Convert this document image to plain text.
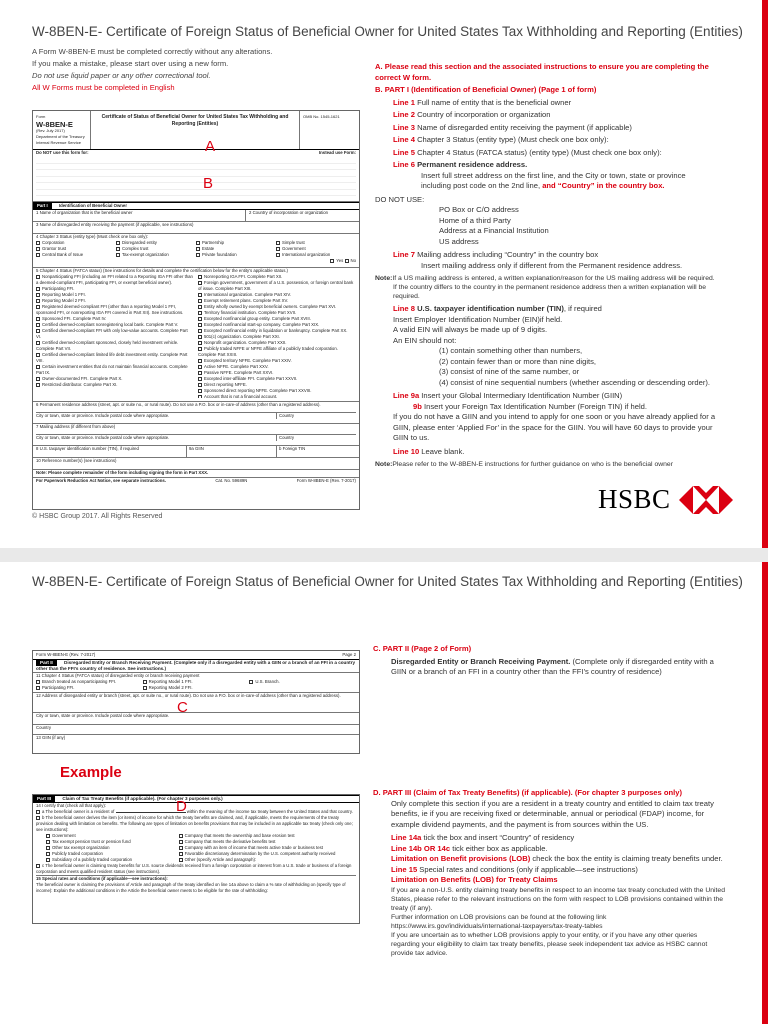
W-8BEN-E- Certificate of Foreign Status of Beneficial Owner for United States Tax Withholding and Reporting (Entities)
A Form W-8BEN-E must be completed correctly without any alterations.
If you make a mistake, please start over using a new form.
Do not use liquid paper or any other correctional tool.
All W Forms must be completed in English
Form
W-8BEN-E
(Rev. July 2017)
Department of the Treasury Internal Revenue Service
Certificate of Status of Beneficial Owner for United States Tax Withholding and Reporting (Entities)
OMB No. 1545-1621
Do NOT use this form for:	Instead use Form:
Part I	Identification of Beneficial Owner
1 Name of organization that is the beneficial owner	2 Country of incorporation or organization
3 Name of disregarded entity receiving the payment (if applicable, see instructions)
4 Chapter 3 Status (entity type) (Must check one box only):
Corporation	Disregarded entity	Partnership	Simple trust
Grantor trust	Complex trust	Estate	Government
Central Bank of Issue	Tax-exempt organization	Private foundation	International organization
Yes No
5 Chapter 4 Status (FATCA status) (See instructions for details and complete the certification below for the entity's applicable status.)
Nonparticipating FFI (including an FFI related to a Reporting IGA FFI other than a deemed-compliant FFI, participating FFI, or exempt beneficial owner).
Participating FFI.
Reporting Model 1 FFI.
Reporting Model 2 FFI.
Registered deemed-compliant FFI (other than a reporting Model 1 FFI, sponsored FFI, or nonreporting IGA FFI covered in Part XII). See instructions.
Sponsored FFI. Complete Part IV.
Certified deemed-compliant nonregistering local bank. Complete Part V.
Certified deemed-compliant FFI with only low-value accounts. Complete Part VI.
Certified deemed-compliant sponsored, closely held investment vehicle. Complete Part VII.
Certified deemed-compliant limited life debt investment entity. Complete Part VIII.
Certain investment entities that do not maintain financial accounts. Complete Part IX.
Owner-documented FFI. Complete Part X.
Restricted distributor. Complete Part XI.
Nonreporting IGA FFI. Complete Part XII.
Foreign government, government of a U.S. possession, or foreign central bank of issue. Complete Part XIII.
International organization. Complete Part XIV.
Exempt retirement plans. Complete Part XV.
Entity wholly owned by exempt beneficial owners. Complete Part XVI.
Territory financial institution. Complete Part XVII.
Excepted nonfinancial group entity. Complete Part XVIII.
Excepted nonfinancial start-up company. Complete Part XIX.
Excepted nonfinancial entity in liquidation or bankruptcy. Complete Part XX.
501(c) organization. Complete Part XXI.
Nonprofit organization. Complete Part XXII.
Publicly traded NFFE or NFFE affiliate of a publicly traded corporation. Complete Part XXIII.
Excepted territory NFFE. Complete Part XXIV.
Active NFFE. Complete Part XXV.
Passive NFFE. Complete Part XXVI.
Excepted inter-affiliate FFI. Complete Part XXVII.
Direct reporting NFFE.
Sponsored direct reporting NFFE. Complete Part XXVIII.
Account that is not a financial account.
6 Permanent residence address (street, apt. or suite no., or rural route). Do not use a P.O. box or in-care-of address (other than a registered address).
City or town, state or province. Include postal code where appropriate.	Country
7 Mailing address (if different from above)
City or town, state or province. Include postal code where appropriate.	Country
8 U.S. taxpayer identification number (TIN), if required	9a GIIN	b Foreign TIN
10 Reference number(s) (see instructions)
Note: Please complete remainder of the form including signing the form in Part XXX.
For Paperwork Reduction Act Notice, see separate instructions.	Cat. No. 59689N	Form W-8BEN-E (Rev. 7-2017)
A
B

A. Please read this section and the associated instructions to ensure you are completing the correct W form.

B. PART I (Identification of Beneficial Owner) (Page 1 of form)

Line 1 Full name of entity that is the beneficial owner

Line 2 Country of incorporation or organization

Line 3 Name of disregarded entity receiving the payment (if applicable)

Line 4 Chapter 3 Status (entity type) (Must check one box only):

Line 5 Chapter 4 Status (FATCA status) (entity type) (Must check one box only):

Line 6 Permanent residence address.

Insert full street address on the first line, and the City or town, state or province

including post code on the 2nd line, and “Country” in the country box.

DO NOT USE:

PO Box or C/O address

Home of a third Party

Address at a Financial Institution

US address

Line 7 Mailing address including “Country” in the country box

Insert mailing address only if different from the Permanent residence address.

Note:If a US mailing address is entered, a written explanation/reason for the US mailing address will be required.

If the country differs to the country in the permanent residence address then a written explanation will be required.

Line 8 U.S. taxpayer identification number (TIN), if required

Insert Employer Identification Number (EIN)if held.

A valid EIN will always be made up of 9 digits.

An EIN should not:

(1) contain something other than numbers,

(2) contain fewer than or more than nine digits,

(3) consist of nine of the same number, or

(4) consist of nine sequential numbers (whether ascending or descending order).

Line 9a Insert your Global Intermediary Identification Number (GIIN)

9b Insert your Foreign Tax Identification Number (Foreign TIN) if held.

If you do not have a GIIN and you intend to apply for one soon or you have already applied for a GIIN, please enter ‘Applied For’ in the space for the GIIN. You will have 60 days to provide your GIIN to us.

Line 10 Leave blank.

Note:Please refer to the W-8BEN-E instructions for further guidance on who is the beneficial owner

HSBC
© HSBC Group 2017. All Rights Reserved
W-8BEN-E- Certificate of Foreign Status of Beneficial Owner for United States Tax Withholding and Reporting (Entities)
Form W-8BEN-E (Rev. 7-2017)	Page 2
Part II Disregarded Entity or Branch Receiving Payment. (Complete only if a disregarded entity with a GIIN or a branch of an FFI in a country other than the FFI's country of residence. See instructions.)
11 Chapter 4 Status (FATCA status) of disregarded entity or branch receiving payment
Branch treated as nonparticipating FFI.	Reporting Model 1 FFI.	U.S. Branch.
Participating FFI.	Reporting Model 2 FFI.
12 Address of disregarded entity or branch (street, apt. or suite no., or rural route). Do not use a P.O. box or in-care-of address (other than a registered address).
City or town, state or province. Include postal code where appropriate.
Country
13 GIIN (if any)
C
Example
Part III Claim of Tax Treaty Benefits (if applicable). (For chapter 3 purposes only.)
14 I certify that (check all that apply):
a The beneficial owner is a resident of	within the meaning of the income tax treaty between the United States and that country.
b The beneficial owner derives the item (or items) of income for which the treaty benefits are claimed, and, if applicable, meets the requirements of the treaty provision dealing with limitation on benefits. The following are types of limitation on benefits provisions that may be included in an applicable tax treaty (check only one; see instructions):
Government
Tax exempt pension trust or pension fund
Other tax exempt organization
Publicly traded corporation
Subsidiary of a publicly traded corporation
Company that meets the ownership and base erosion test
Company that meets the derivative benefits test
Company with an item of income that meets active trade or business test
Favorable discretionary determination by the U.S. competent authority received
Other (specify Article and paragraph):
c The beneficial owner is claiming treaty benefits for U.S. source dividends received from a foreign corporation or interest from a U.S. trade or business of a foreign corporation and meets qualified resident status (see instructions).
15 Special rates and conditions (if applicable—see instructions):
The beneficial owner is claiming the provisions of Article and paragraph of the treaty identified on line 14a above to claim a % rate of withholding on (specify type of income): Explain the additional conditions in the Article the beneficial owner meets to be eligible for the rate of withholding:
D

C. PART II (Page 2 of Form)

Disregarded Entity or Branch Receiving Payment. (Complete only if disregarded entity with a GIIN or a branch of an FFI in a country other than the FFI’s country of residence)

D. PART III (Claim of Tax Treaty Benefits) (if applicable). (For chapter 3 purposes only)

Only complete this section if you are a resident in a treaty country and entitled to claim tax treaty benefits, ie if you are receiving fixed or determinable, annual or periodical (FDAP) income, for example dividend payments, and the payment is from sources within the US.

Line 14a tick the box and insert “Country” of residency

Line 14b OR 14c tick either box as applicable.

Limitation on Benefit provisions (LOB) check the box the entity is claiming treaty benefits under.

Line 15 Special rates and conditions (only if applicable—see instructions)

Limitation on Benefits (LOB) for Treaty Claims

If you are a non-U.S. entity claiming treaty benefits in respect to an income tax treaty concluded with the United States, please refer to the relevant instructions on the form with respect to LOB provisions contained within the treaty (if any).

Further information on LOB provisions can be found at the following link

https://www.irs.gov/individuals/international-taxpayers/tax-treaty-tables

If you are uncertain as to whether LOB provisions apply to your entity, or if you have any other queries regarding your eligibility to claim tax treaty benefits, please seek independent tax advice as HSBC cannot provide tax advice.
